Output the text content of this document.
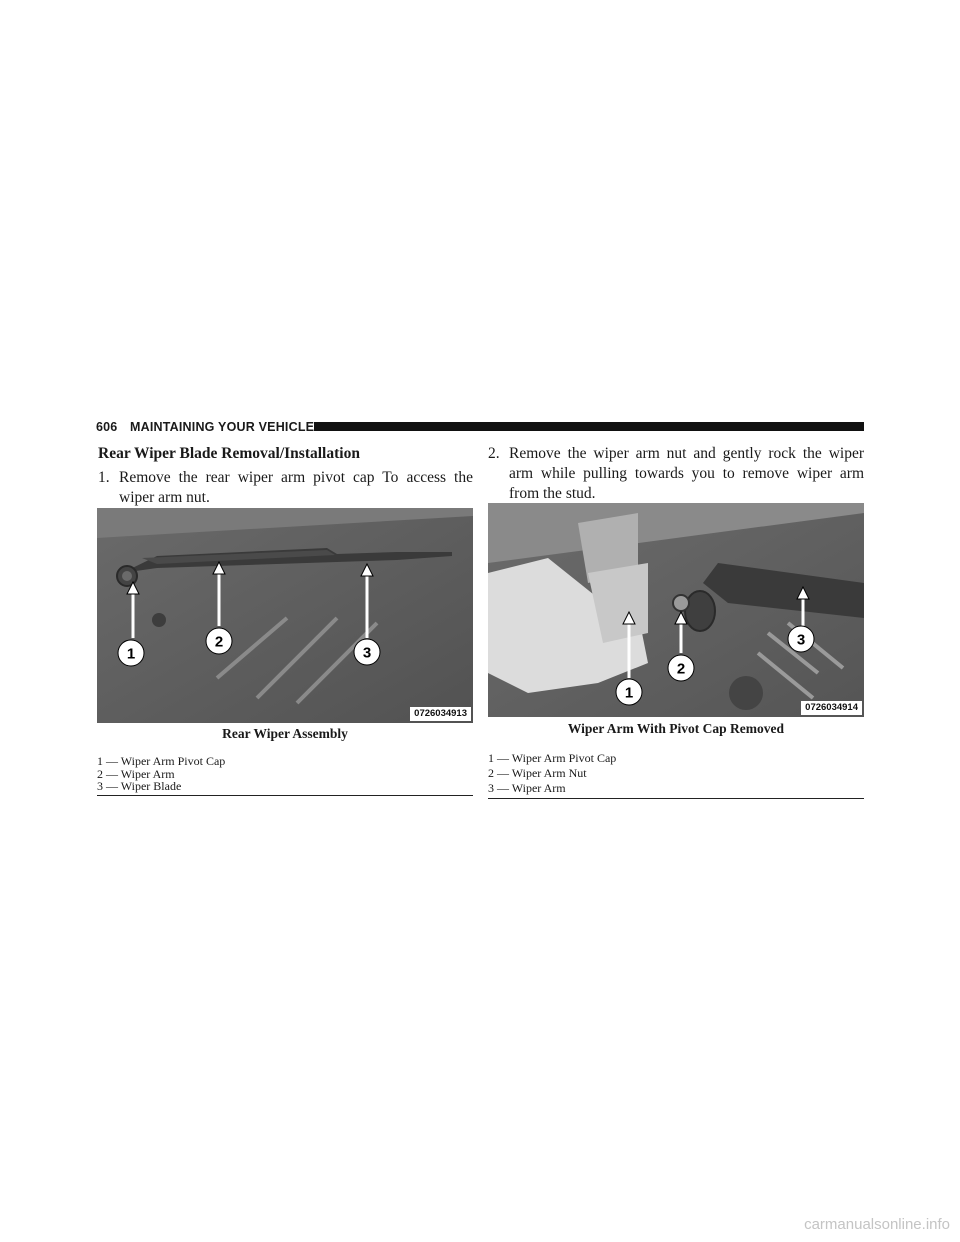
606 MAINTAINING YOUR VEHICLE
Rear Wiper Blade Removal/Installation
1. Remove the rear wiper arm pivot cap To access the wiper arm nut.
1
2
3
0726034913
Rear Wiper Assembly
1 — Wiper Arm Pivot Cap
2 — Wiper Arm
3 — Wiper Blade
2. Remove the wiper arm nut and gently rock the wiper arm while pulling towards you to remove wiper arm from the stud.
1
2
3
0726034914
Wiper Arm With Pivot Cap Removed
1 — Wiper Arm Pivot Cap
2 — Wiper Arm Nut
3 — Wiper Arm
carmanualsonline.info
